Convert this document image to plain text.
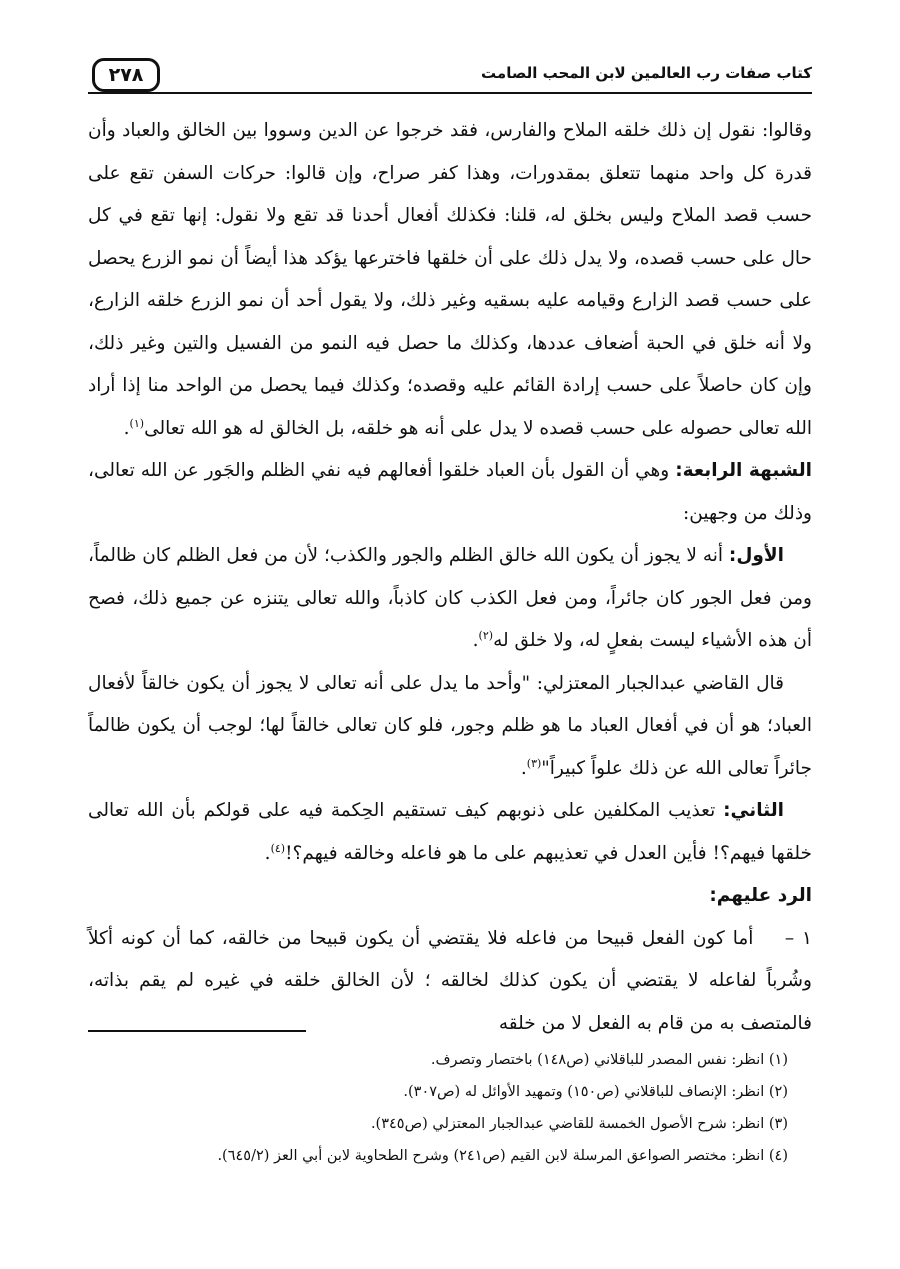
كتاب صفات رب العالمين لابن المحب الصامت
٢٧٨

وقالوا: نقول إن ذلك خلقه الملاح والفارس، فقد خرجوا عن الدين وسووا بين الخالق والعباد وأن قدرة كل واحد منهما تتعلق بمقدورات، وهذا كفر صراح، وإن قالوا: حركات السفن تقع على حسب قصد الملاح وليس بخلق له، قلنا: فكذلك أفعال أحدنا قد تقع ولا نقول: إنها تقع في كل حال على حسب قصده، ولا يدل ذلك على أن خلقها فاخترعها يؤكد هذا أيضاً أن نمو الزرع يحصل على حسب قصد الزارع وقيامه عليه بسقيه وغير ذلك، ولا يقول أحد أن نمو الزرع خلقه الزارع، ولا أنه خلق في الحبة أضعاف عددها، وكذلك ما حصل فيه النمو من الفسيل والتين وغير ذلك، وإن كان حاصلاً على حسب إرادة القائم عليه وقصده؛ وكذلك فيما يحصل من الواحد منا إذا أراد الله تعالى حصوله على حسب قصده لا يدل على أنه هو خلقه، بل الخالق له هو الله تعالى$^{(١)}$.

الشبهة الرابعة: وهي أن القول بأن العباد خلقوا أفعالهم فيه نفي الظلم والجَور عن الله تعالى، وذلك من وجهين:

الأول: أنه لا يجوز أن يكون الله خالق الظلم والجور والكذب؛ لأن من فعل الظلم كان ظالماً، ومن فعل الجور كان جائراً، ومن فعل الكذب كان كاذباً، والله تعالى يتنزه عن جميع ذلك، فصح أن هذه الأشياء ليست بفعلٍ له، ولا خلق له$^{(٢)}$.

قال القاضي عبدالجبار المعتزلي: "وأحد ما يدل على أنه تعالى لا يجوز أن يكون خالقاً لأفعال العباد؛ هو أن في أفعال العباد ما هو ظلم وجور، فلو كان تعالى خالقاً لها؛ لوجب أن يكون ظالماً جائراً تعالى الله عن ذلك علواً كبيراً"$^{(٣)}$.

الثاني: تعذيب المكلفين على ذنوبهم كيف تستقيم الحِكمة فيه على قولكم بأن الله تعالى خلقها فيهم؟! فأين العدل في تعذيبهم على ما هو فاعله وخالقه فيهم؟!$^{(٤)}$.

الرد عليهم:

١ –    أما كون الفعل قبيحا من فاعله فلا يقتضي أن يكون قبيحا من خالقه، كما أن كونه أكلاً وشُرباً لفاعله لا يقتضي أن يكون كذلك لخالقه ؛ لأن الخالق خلقه في غيره لم يقم بذاته، فالمتصف به من قام به الفعل لا من خلقه

(١) انظر: نفس المصدر للباقلاني (ص١٤٨) باختصار وتصرف.

(٢) انظر: الإنصاف للباقلاني (ص١٥٠) وتمهيد الأوائل له (ص٣٠٧).

(٣) انظر: شرح الأصول الخمسة للقاضي عبدالجبار المعتزلي (ص٣٤٥).

(٤) انظر: مختصر الصواعق المرسلة لابن القيم (ص٢٤١) وشرح الطحاوية لابن أبي العز (٦٤٥/٢).
